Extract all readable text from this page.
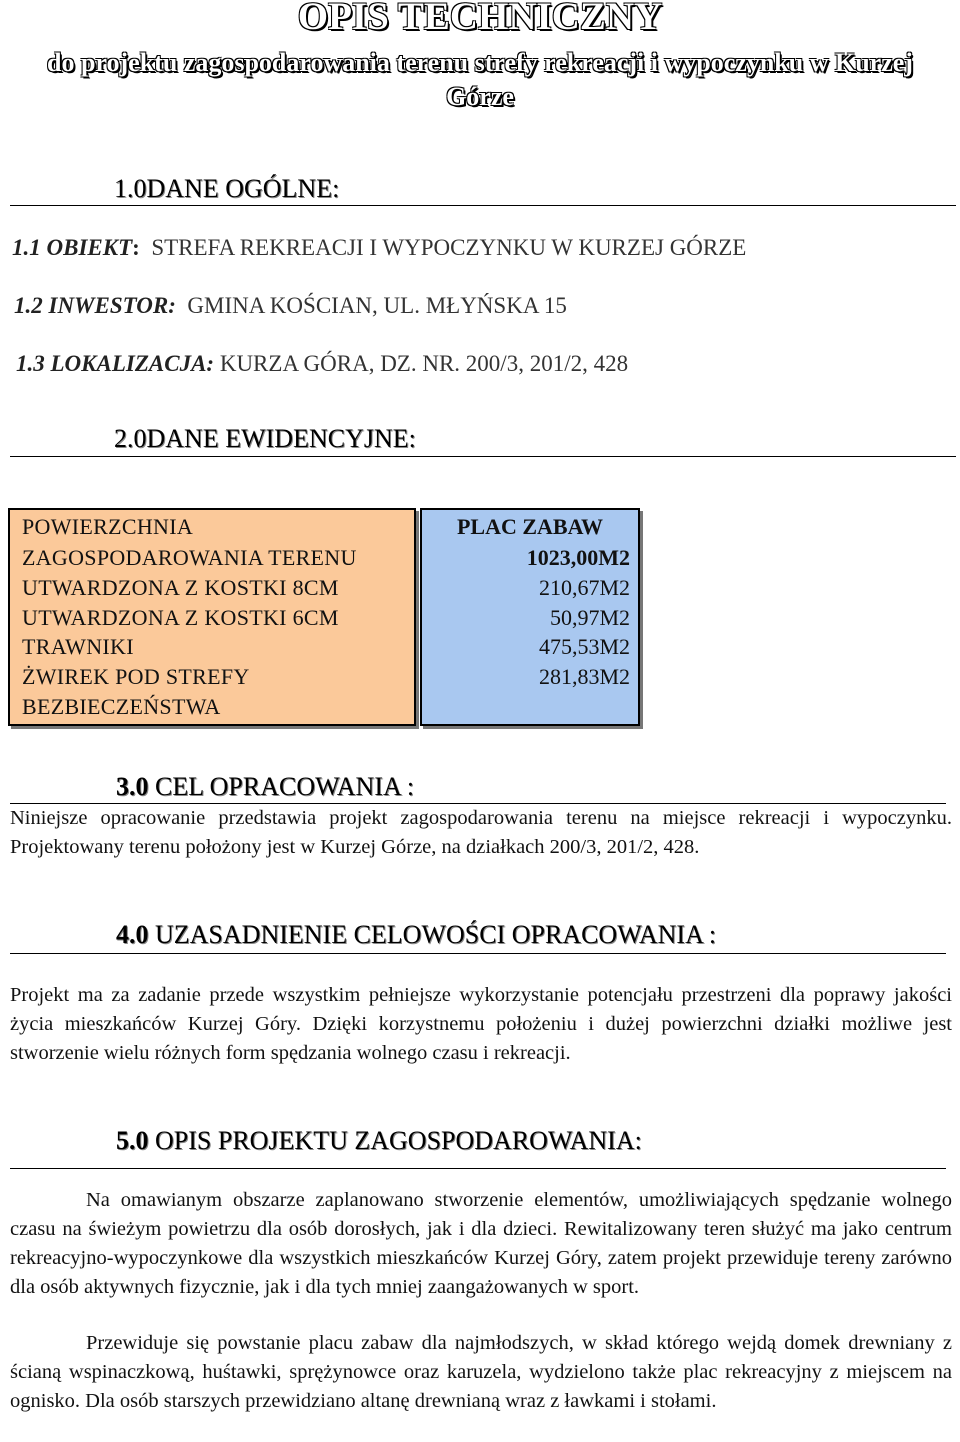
OPIS TECHNICZNY
do projektu zagospodarowania terenu strefy rekreacji i wypoczynku w Kurzej Górze
1.0DANE OGÓLNE:
1.1 OBIEKT: STREFA REKREACJI I WYPOCZYNKU W KURZEJ GÓRZE
1.2 INWESTOR: GMINA KOŚCIAN, UL. MŁYŃSKA 15
1.3 LOKALIZACJA: KURZA GÓRA, DZ. NR. 200/3, 201/2, 428
2.0DANE EWIDENCYJNE:
POWIERZCHNIA
ZAGOSPODAROWANIA TERENU
UTWARDZONA Z KOSTKI 8CM
UTWARDZONA Z KOSTKI 6CM
TRAWNIKI
ŻWIREK POD STREFY
BEZBIECZEŃSTWA
PLAC ZABAW
1023,00M2
210,67M2
50,97M2
475,53M2
281,83M2
3.0 CEL OPRACOWANIA :
Niniejsze opracowanie przedstawia projekt zagospodarowania terenu na miejsce rekreacji i wypoczynku. Projektowany terenu położony jest w Kurzej Górze, na działkach 200/3, 201/2, 428.
4.0 UZASADNIENIE CELOWOŚCI OPRACOWANIA :
Projekt ma za zadanie przede wszystkim pełniejsze wykorzystanie potencjału przestrzeni dla poprawy jakości życia mieszkańców Kurzej Góry. Dzięki korzystnemu położeniu i dużej powierzchni działki możliwe jest stworzenie wielu różnych form spędzania wolnego czasu i rekreacji.
5.0 OPIS PROJEKTU ZAGOSPODAROWANIA:
Na omawianym obszarze zaplanowano stworzenie elementów, umożliwiających spędzanie wolnego czasu na świeżym powietrzu dla osób dorosłych, jak i dla dzieci. Rewitalizowany teren służyć ma jako centrum rekreacyjno-wypoczynkowe dla wszystkich mieszkańców Kurzej Góry, zatem projekt przewiduje tereny zarówno dla osób aktywnych fizycznie, jak i dla tych mniej zaangażowanych w sport.
Przewiduje się powstanie placu zabaw dla najmłodszych, w skład którego wejdą domek drewniany z ścianą wspinaczkową, huśtawki, sprężynowce oraz karuzela, wydzielono także plac rekreacyjny z miejscem na ognisko. Dla osób starszych przewidziano altanę drewnianą wraz z ławkami i stołami.
